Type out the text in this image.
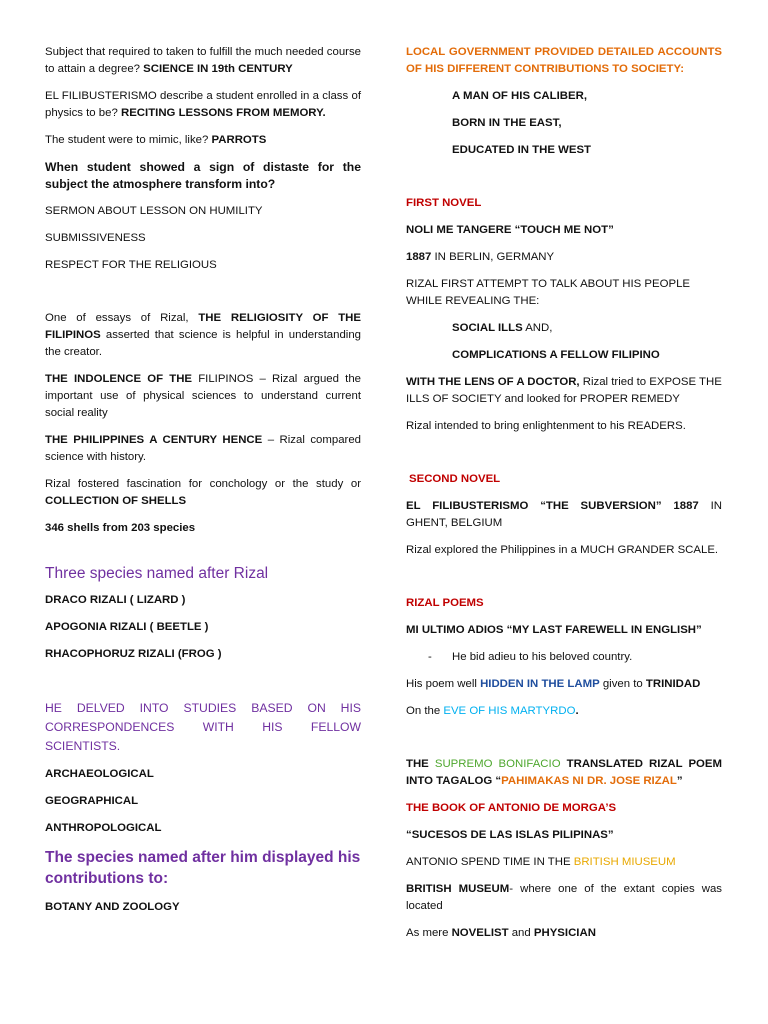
Subject that required to taken to fulfill the much needed course to attain a degree? SCIENCE IN 19th CENTURY

EL FILIBUSTERISMO describe a student enrolled in a class of physics to be? RECITING LESSONS FROM MEMORY.

The student were to mimic, like? PARROTS

When student showed a sign of distaste for the subject the atmosphere transform into?

SERMON ABOUT LESSON ON HUMILITY

SUBMISSIVENESS

RESPECT FOR THE RELIGIOUS

One of essays of Rizal, THE RELIGIOSITY OF THE FILIPINOS asserted that science is helpful in understanding the creator.

THE INDOLENCE OF THE FILIPINOS – Rizal argued the important use of physical sciences to understand current social reality

THE PHILIPPINES A CENTURY HENCE – Rizal compared science with history.

Rizal fostered fascination for conchology or the study or COLLECTION OF SHELLS

346 shells from 203 species

Three species named after Rizal

DRACO RIZALI ( LIZARD )

APOGONIA RIZALI ( BEETLE )

RHACOPHORUZ RIZALI (FROG )

HE DELVED INTO STUDIES BASED ON HIS CORRESPONDENCES WITH HIS FELLOW SCIENTISTS.

ARCHAEOLOGICAL

GEOGRAPHICAL

ANTHROPOLOGICAL

The species named after him displayed his contributions to:

BOTANY AND ZOOLOGY

LOCAL GOVERNMENT PROVIDED DETAILED ACCOUNTS OF HIS DIFFERENT CONTRIBUTIONS TO SOCIETY:

A MAN OF HIS CALIBER,

BORN IN THE EAST,

EDUCATED IN THE WEST

FIRST NOVEL

NOLI ME TANGERE “TOUCH ME NOT”

1887 IN BERLIN, GERMANY

RIZAL FIRST ATTEMPT TO TALK ABOUT HIS PEOPLE WHILE REVEALING THE:

SOCIAL ILLS AND,

COMPLICATIONS A FELLOW FILIPINO

WITH THE LENS OF A DOCTOR, Rizal tried to EXPOSE THE ILLS OF SOCIETY and looked for PROPER REMEDY

Rizal intended to bring enlightenment to his READERS.

SECOND NOVEL

EL FILIBUSTERISMO “THE SUBVERSION” 1887 IN GHENT, BELGIUM

Rizal explored the Philippines in a MUCH GRANDER SCALE.

RIZAL POEMS

MI ULTIMO ADIOS “MY LAST FAREWELL IN ENGLISH”

- He bid adieu to his beloved country.

His poem well HIDDEN IN THE LAMP given to TRINIDAD

On the EVE OF HIS MARTYRDO.

THE SUPREMO BONIFACIO TRANSLATED RIZAL POEM INTO TAGALOG “PAHIMAKAS NI DR. JOSE RIZAL”

THE BOOK OF ANTONIO DE MORGA’S

“SUCESOS DE LAS ISLAS PILIPINAS”

ANTONIO SPEND TIME IN THE BRITISH MIUSEUM

BRITISH MUSEUM- where one of the extant copies was located

As mere NOVELIST and PHYSICIAN
